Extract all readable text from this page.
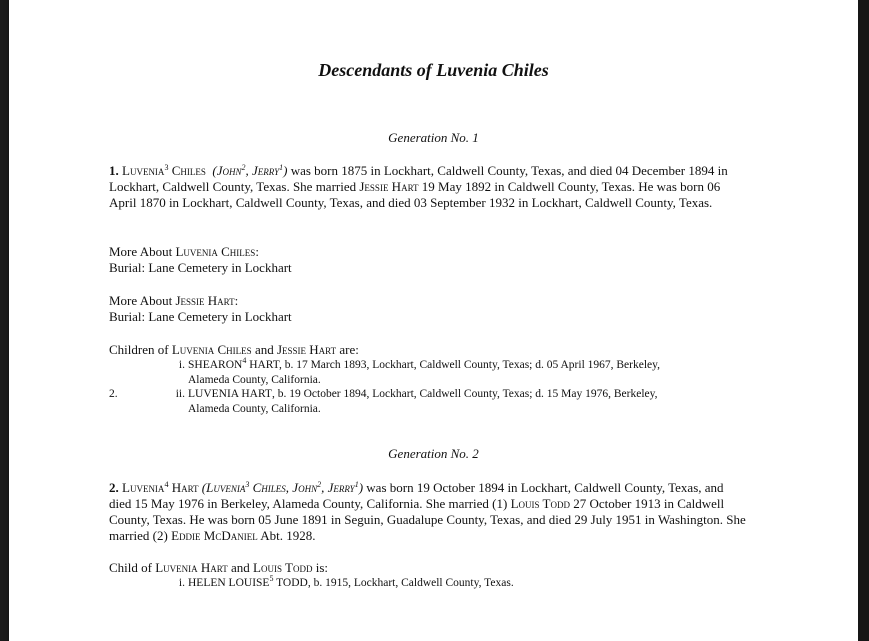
Descendants of Luvenia Chiles
Generation No. 1
1. Luvenia$^3$ Chiles (John$^2$, Jerry$^1$) was born 1875 in Lockhart, Caldwell County, Texas, and died 04 December 1894 in Lockhart, Caldwell County, Texas. She married Jessie Hart 19 May 1892 in Caldwell County, Texas. He was born 06 April 1870 in Lockhart, Caldwell County, Texas, and died 03 September 1932 in Lockhart, Caldwell County, Texas.
More About Luvenia Chiles:
Burial: Lane Cemetery in Lockhart
More About Jessie Hart:
Burial: Lane Cemetery in Lockhart
Children of Luvenia Chiles and Jessie Hart are:
i. SHEARON$^4$ HART, b. 17 March 1893, Lockhart, Caldwell County, Texas; d. 05 April 1967, Berkeley,
Alameda County, California.
2.	ii. LUVENIA HART, b. 19 October 1894, Lockhart, Caldwell County, Texas; d. 15 May 1976, Berkeley,
Alameda County, California.
Generation No. 2
2. Luvenia$^4$ Hart (Luvenia$^3$ Chiles, John$^2$, Jerry$^1$) was born 19 October 1894 in Lockhart, Caldwell County, Texas, and died 15 May 1976 in Berkeley, Alameda County, California. She married (1) Louis Todd 27 October 1913 in Caldwell County, Texas. He was born 05 June 1891 in Seguin, Guadalupe County, Texas, and died 29 July 1951 in Washington. She married (2) Eddie McDaniel Abt. 1928.
Child of Luvenia Hart and Louis Todd is:
i. HELEN LOUISE$^5$ TODD, b. 1915, Lockhart, Caldwell County, Texas.
